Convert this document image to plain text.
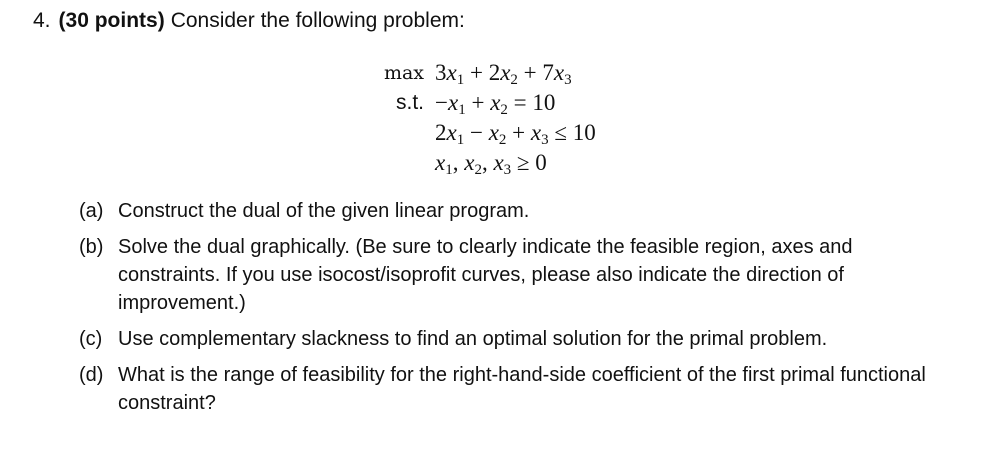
4. (30 points) Consider the following problem:
$\max 3x_1 + 2x_2 + 7x_3$
s.t. $-x_1 + x_2 = 10$
$2x_1 - x_2 + x_3 \le 10$
$x_1$, $x_2$, $x_3 \ge 0$
(a) Construct the dual of the given linear program.
(b) Solve the dual graphically. (Be sure to clearly indicate the feasible region, axes and constraints. If you use isocost/isoprofit curves, please also indicate the direction of improvement.)
(c) Use complementary slackness to find an optimal solution for the primal problem.
(d) What is the range of feasibility for the right-hand-side coefficient of the first primal functional constraint?
